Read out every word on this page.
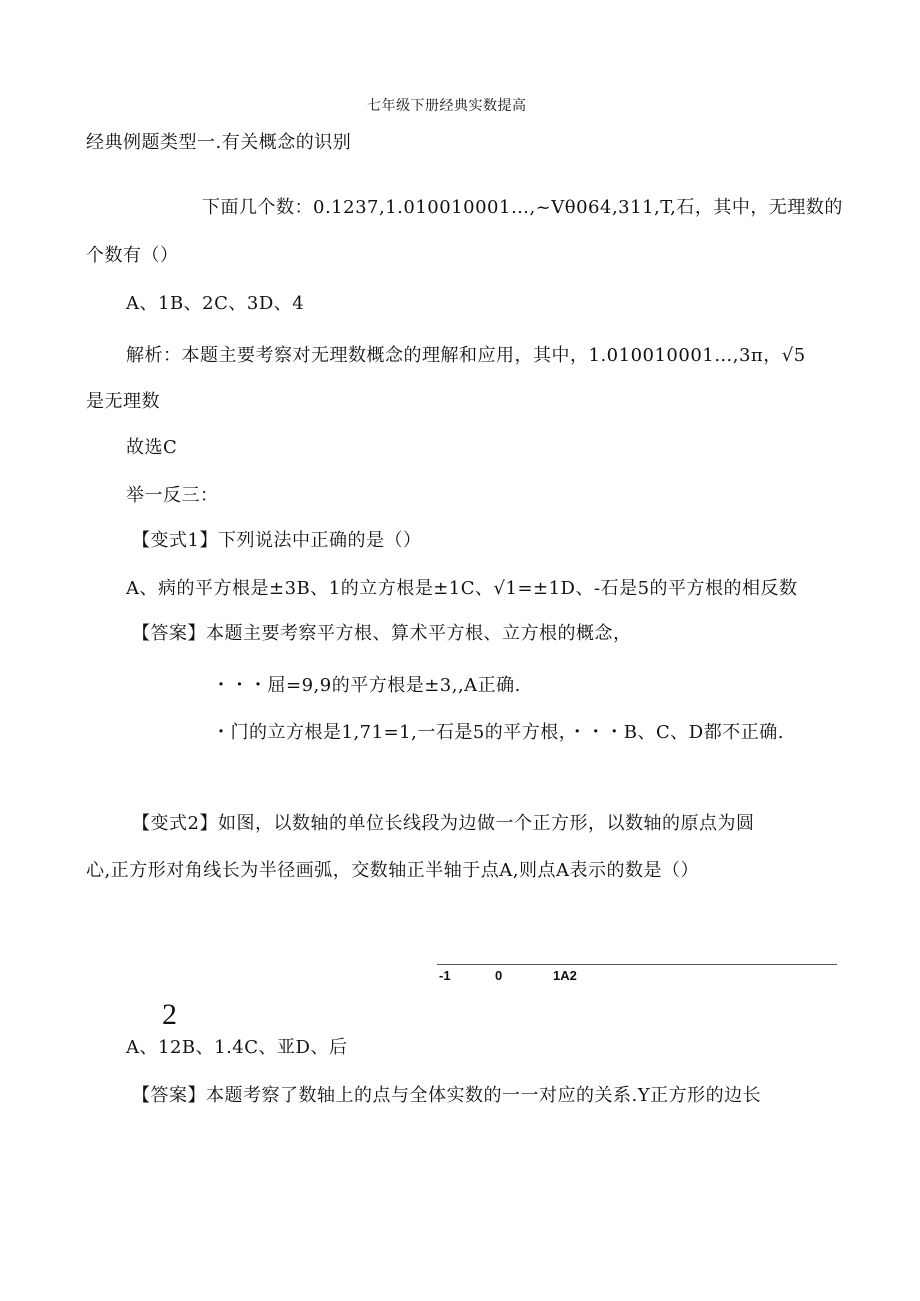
七年级下册经典实数提高
经典例题类型一.有关概念的识别
下面几个数：0.1237,1.010010001…,~Vθ064,311,T,石，其中，无理数的
个数有（）
A、1B、2C、3D、4
解析：本题主要考察对无理数概念的理解和应用，其中，1.010010001…,3π，√5
是无理数
故选C
举一反三：
【变式1】下列说法中正确的是（）
A、病的平方根是±3B、1的立方根是±1C、√1=±1D、-石是5的平方根的相反数
【答案】本题主要考察平方根、算术平方根、立方根的概念，
・・・屈=9,9的平方根是±3,,A正确.
・门的立方根是1,71=1,一石是5的平方根，・・・B、C、D都不正确.
【变式2】如图，以数轴的单位长线段为边做一个正方形，以数轴的原点为圆
心,正方形对角线长为半径画弧，交数轴正半轴于点A,则点A表示的数是（）
-1	0	1A2
2
A、12B、1.4C、亚D、后
【答案】本题考察了数轴上的点与全体实数的一一对应的关系.Y正方形的边长
